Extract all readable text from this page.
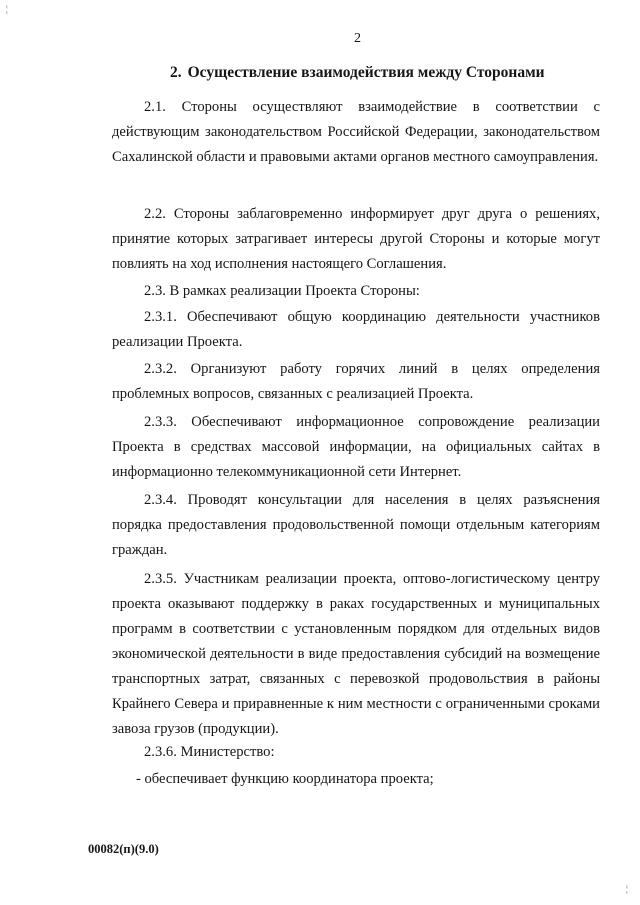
¦
¦
2
2. Осуществление взаимодействия между Сторонами
2.1. Стороны осуществляют взаимодействие в соответствии с действующим законодательством Российской Федерации, законодательством Сахалинской области и правовыми актами органов местного самоуправления.
2.2. Стороны заблаговременно информирует друг друга о решениях, принятие которых затрагивает интересы другой Стороны и которые могут повлиять на ход исполнения настоящего Соглашения.
2.3. В рамках реализации Проекта Стороны:
2.3.1. Обеспечивают общую координацию деятельности участников реализации Проекта.
2.3.2. Организуют работу горячих линий в целях определения проблемных вопросов, связанных с реализацией Проекта.
2.3.3. Обеспечивают информационное сопровождение реализации Проекта в средствах массовой информации, на официальных сайтах в информационно телекоммуникационной сети Интернет.
2.3.4. Проводят консультации для населения в целях разъяснения порядка предоставления продовольственной помощи отдельным категориям граждан.
2.3.5. Участникам реализации проекта, оптово-логистическому центру проекта оказывают поддержку в раках государственных и муниципальных программ в соответствии с установленным порядком для отдельных видов экономической деятельности в виде предоставления субсидий на возмещение транспортных затрат, связанных с перевозкой продовольствия в районы Крайнего Севера и приравненные к ним местности с ограниченными сроками завоза грузов (продукции).
2.3.6. Министерство:
- обеспечивает функцию координатора проекта;
00082(п)(9.0)
